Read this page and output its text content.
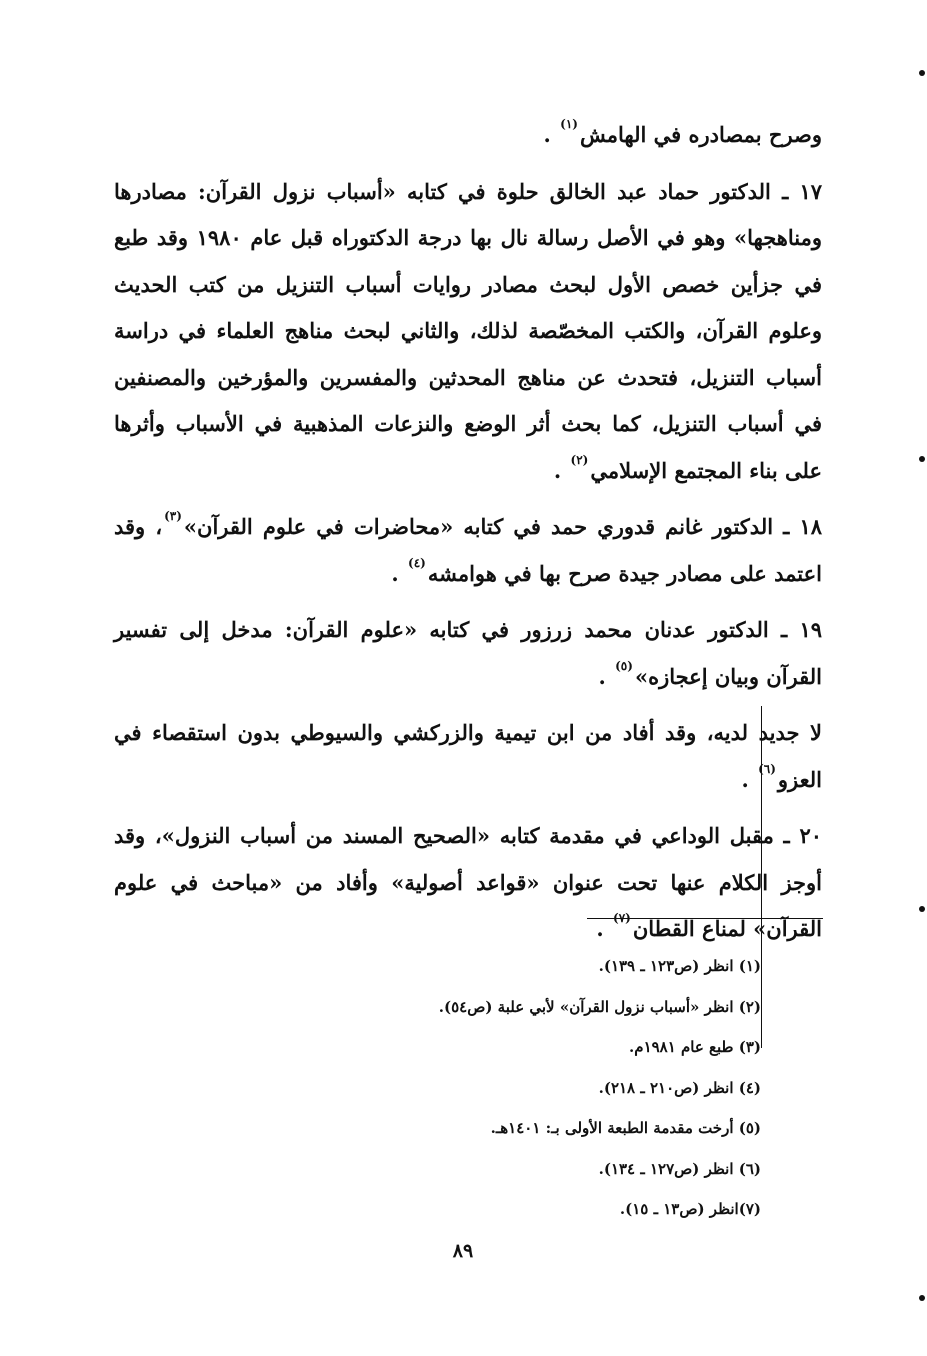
وصرح بمصادره في الهامش$^{(١)}$ .

١٧ ـ الدكتور حماد عبد الخالق حلوة في كتابه «أسباب نزول القرآن: مصادرها ومناهجها» وهو في الأصل رسالة نال بها درجة الدكتوراه قبل عام ١٩٨٠ وقد طبع في جزأين خصص الأول لبحث مصادر روايات أسباب التنزيل من كتب الحديث وعلوم القرآن، والكتب المخصّصة لذلك، والثاني لبحث مناهج العلماء في دراسة أسباب التنزيل، فتحدث عن مناهج المحدثين والمفسرين والمؤرخين والمصنفين في أسباب التنزيل، كما بحث أثر الوضع والنزعات المذهبية في الأسباب وأثرها على بناء المجتمع الإسلامي$^{(٢)}$ .

١٨ ـ الدكتور غانم قدوري حمد في كتابه «محاضرات في علوم القرآن»$^{(٣)}$، وقد اعتمد على مصادر جيدة صرح بها في هوامشه$^{(٤)}$ .

١٩ ـ الدكتور عدنان محمد زرزور في كتابه «علوم القرآن: مدخل إلى تفسير القرآن وبيان إعجازه»$^{(٥)}$ .

لا جديد لديه، وقد أفاد من ابن تيمية والزركشي والسيوطي بدون استقصاء في العزو$^{(٦)}$ .

٢٠ ـ مقبل الوداعي في مقدمة كتابه «الصحيح المسند من أسباب النزول»، وقد أوجز الكلام عنها تحت عنوان «قواعد أصولية» وأفاد من «مباحث في علوم القرآن» لمناع القطان$^{(٧)}$ .

(١) انظر (ص١٢٣ ـ ١٣٩).

(٢) انظر «أسباب نزول القرآن» لأبي علبة (ص٥٤).

(٣) طبع عام ١٩٨١م.

(٤) انظر (ص٢١٠ ـ ٢١٨).

(٥) أرخت مقدمة الطبعة الأولى بـ: ١٤٠١هـ.

(٦) انظر (ص١٢٧ ـ ١٣٤).

(٧)انظر (ص١٣ ـ ١٥).

٨٩
